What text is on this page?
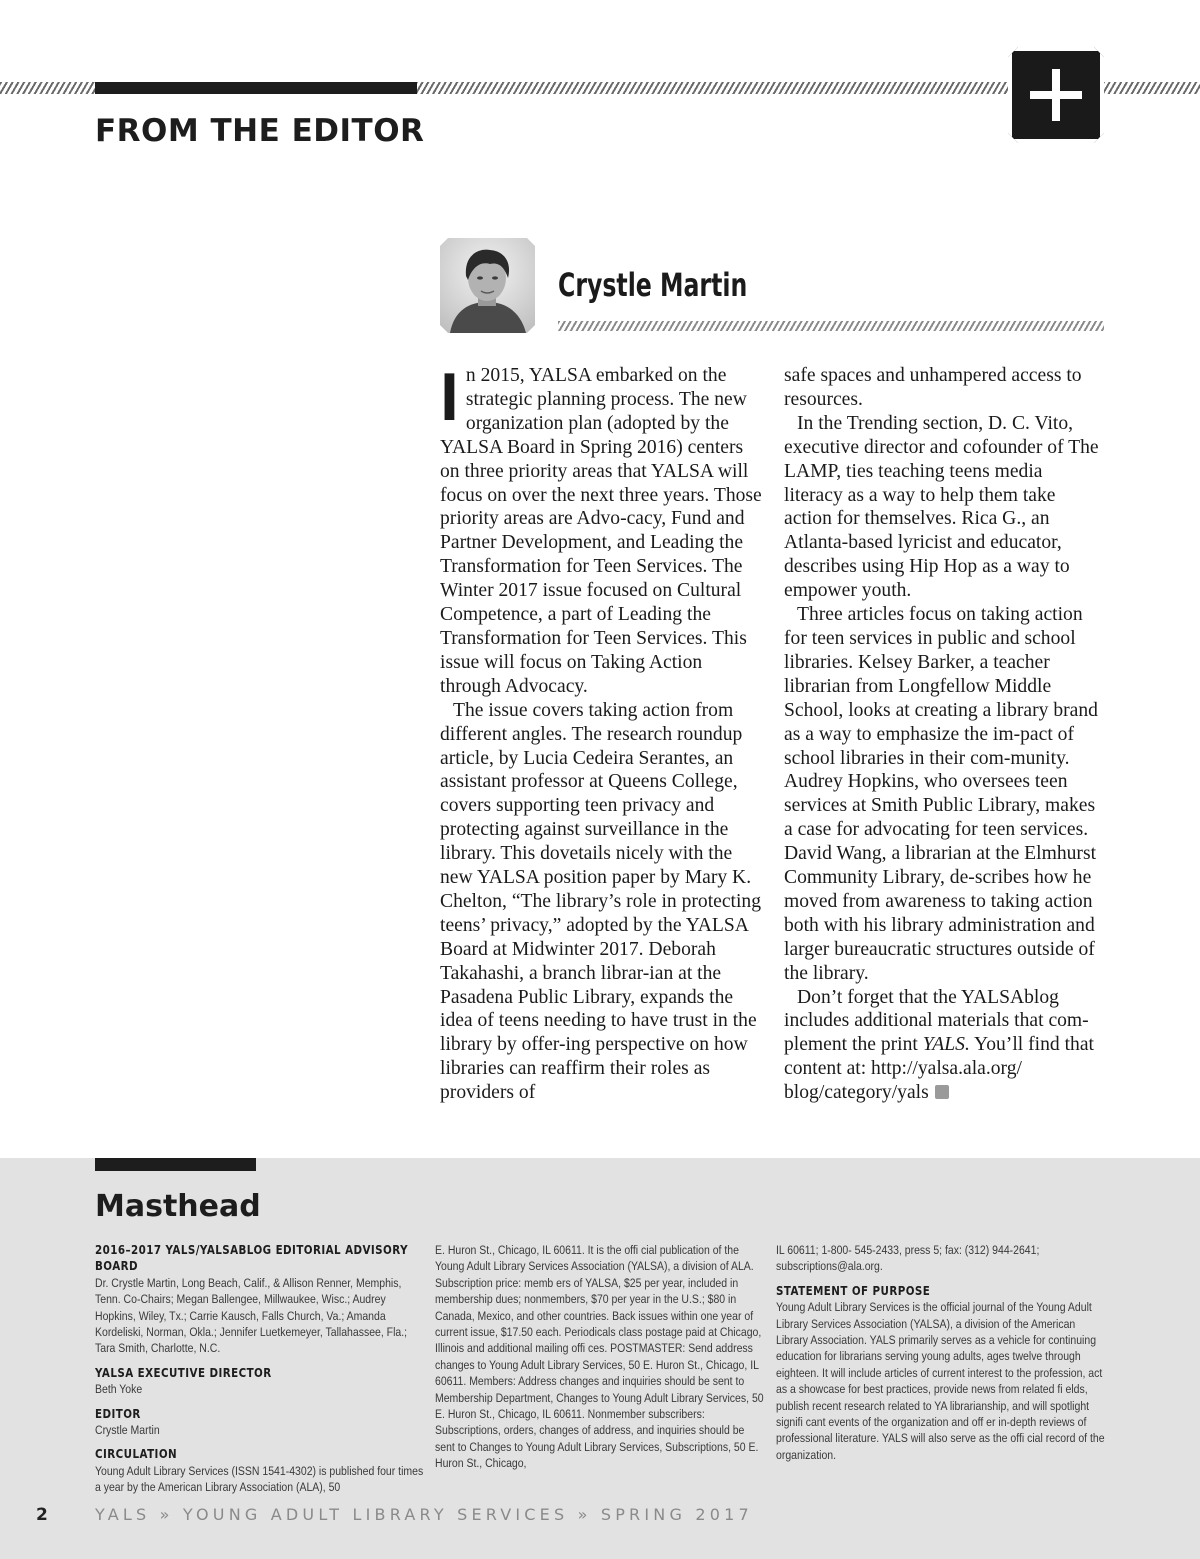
FROM THE EDITOR
Crystle Martin
I n 2015, YALSA embarked on the strategic planning process. The new organization plan (adopted by the YALSA Board in Spring 2016) centers on three priority areas that YALSA will focus on over the next three years. Those priority areas are Advo-cacy, Fund and Partner Development, and Leading the Transformation for Teen Services. The Winter 2017 issue focused on Cultural Competence, a part of Leading the Transformation for Teen Services. This issue will focus on Taking Action through Advocacy.

The issue covers taking action from different angles. The research roundup article, by Lucia Cedeira Serantes, an assistant professor at Queens College, covers supporting teen privacy and protecting against surveillance in the library. This dovetails nicely with the new YALSA position paper by Mary K. Chelton, “The library’s role in protecting teens’ privacy,” adopted by the YALSA Board at Midwinter 2017. Deborah Takahashi, a branch librar-ian at the Pasadena Public Library, expands the idea of teens needing to have trust in the library by offer-ing perspective on how libraries can reaffirm their roles as providers of

safe spaces and unhampered access to resources.

In the Trending section, D. C. Vito, executive director and cofounder of The LAMP, ties teaching teens media literacy as a way to help them take action for themselves. Rica G., an Atlanta-based lyricist and educator, describes using Hip Hop as a way to empower youth.

Three articles focus on taking action for teen services in public and school libraries. Kelsey Barker, a teacher librarian from Longfellow Middle School, looks at creating a library brand as a way to emphasize the im-pact of school libraries in their com-munity. Audrey Hopkins, who oversees teen services at Smith Public Library, makes a case for advocating for teen services. David Wang, a librarian at the Elmhurst Community Library, de-scribes how he moved from awareness to taking action both with his library administration and larger bureaucratic structures outside of the library.

Don’t forget that the YALSAblog includes additional materials that com-plement the print YALS. You’ll find that content at: http://yalsa.ala.org/ blog/category/yals

Masthead
2016–2017 YALS/YALSABLOG EDITORIAL ADVISORY BOARD

Dr. Crystle Martin, Long Beach, Calif., & Allison Renner, Memphis, Tenn. Co-Chairs; Megan Ballengee, Millwaukee, Wisc.; Audrey Hopkins, Wiley, Tx.; Carrie Kausch, Falls Church, Va.; Amanda Kordeliski, Norman, Okla.; Jennifer Luetkemeyer, Tallahassee, Fla.; Tara Smith, Charlotte, N.C.

YALSA EXECUTIVE DIRECTOR

Beth Yoke

EDITOR

Crystle Martin

CIRCULATION

Young Adult Library Services (ISSN 1541-4302) is published four times a year by the American Library Association (ALA), 50

E. Huron St., Chicago, IL 60611. It is the offi cial publication of the Young Adult Library Services Association (YALSA), a division of ALA. Subscription price: memb ers of YALSA, $25 per year, included in membership dues; nonmembers, $70 per year in the U.S.; $80 in Canada, Mexico, and other countries. Back issues within one year of current issue, $17.50 each. Periodicals class postage paid at Chicago, Illinois and additional mailing offi ces. POSTMASTER: Send address changes to Young Adult Library Services, 50 E. Huron St., Chicago, IL 60611. Members: Address changes and inquiries should be sent to Membership Department, Changes to Young Adult Library Services, 50 E. Huron St., Chicago, IL 60611. Nonmember subscribers: Subscriptions, orders, changes of address, and inquiries should be sent to Changes to Young Adult Library Services, Subscriptions, 50 E. Huron St., Chicago,

IL 60611; 1-800- 545-2433, press 5; fax: (312) 944-2641; subscriptions@ala.org.

STATEMENT OF PURPOSE

Young Adult Library Services is the official journal of the Young Adult Library Services Association (YALSA), a division of the American Library Association. YALS primarily serves as a vehicle for continuing education for librarians serving young adults, ages twelve through eighteen. It will include articles of current interest to the profession, act as a showcase for best practices, provide news from related fi elds, publish recent research related to YA librarianship, and will spotlight signifi cant events of the organization and off er in-depth reviews of professional literature. YALS will also serve as the offi cial record of the organization.

2	YALS » YOUNG ADULT LIBRARY SERVICES » SPRING 2017
